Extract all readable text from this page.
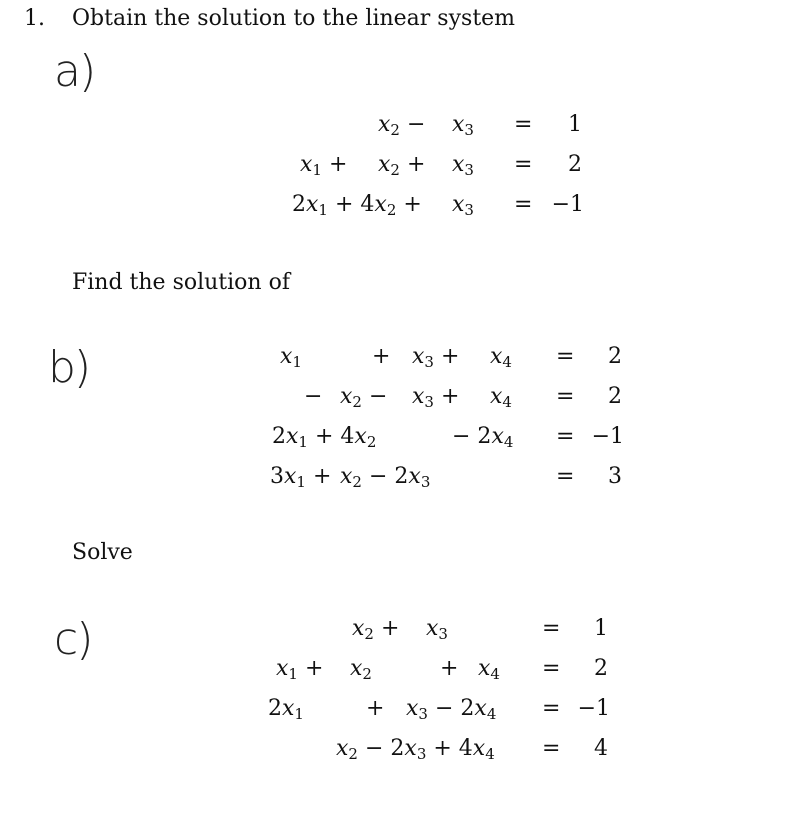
1. Obtain the solution to the linear system
a)
$x_2 - x_3$ =	1
$x_1 + x_2 + x_3$ =	2
$2x_1 + 4x_2 + x_3 = -1$
Find the solution of
b)	$x_1$	+ $x_3 + x_4$ =	2
− $x_2 - x_3 + x_4$ =	2
$2x_1 + 4x_2$	− $2x_4 = -1$
$3x_1 + x_2 - 2x_3$	=	3
Solve
c)	$x_2 + x_3$	=	1
$x_1 + x_2$	+ $x_4$ =	2
$2x_1$	+ $x_3 - 2x_4 = -1$
$x_2 - 2x_3 + 4x_4$ =	4
